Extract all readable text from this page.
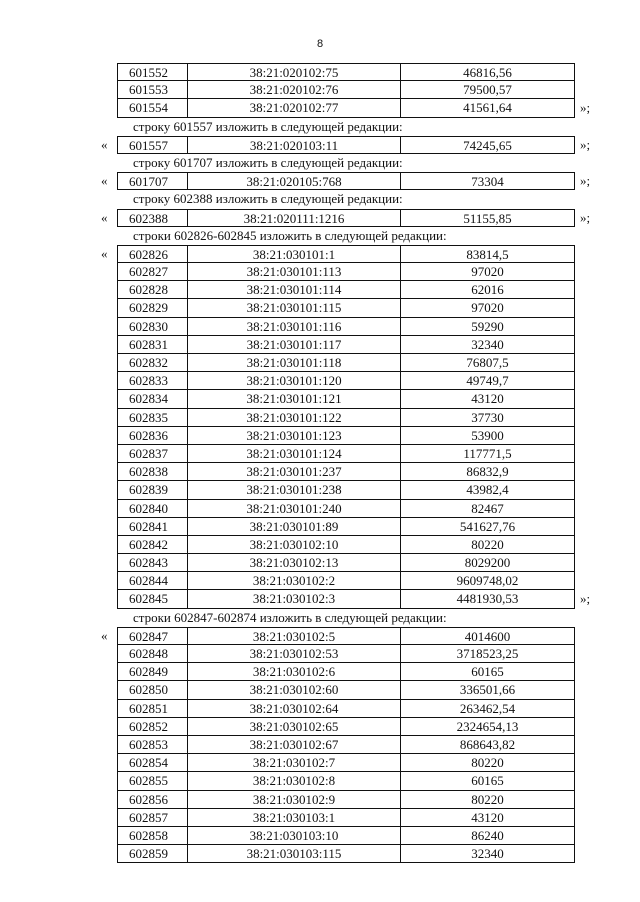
8
601552	38:21:020102:75	46816,56
601553	38:21:020102:76	79500,57
601554	38:21:020102:77	41561,64	»;
строку 601557 изложить в следующей редакции:
«	601557	38:21:020103:11	74245,65	»;
строку 601707 изложить в следующей редакции:
«	601707	38:21:020105:768	73304	»;
строку 602388 изложить в следующей редакции:
«	602388	38:21:020111:1216	51155,85	»;
строки 602826-602845 изложить в следующей редакции:
«	602826	38:21:030101:1	83814,5
602827	38:21:030101:113	97020
602828	38:21:030101:114	62016
602829	38:21:030101:115	97020
602830	38:21:030101:116	59290
602831	38:21:030101:117	32340
602832	38:21:030101:118	76807,5
602833	38:21:030101:120	49749,7
602834	38:21:030101:121	43120
602835	38:21:030101:122	37730
602836	38:21:030101:123	53900
602837	38:21:030101:124	117771,5
602838	38:21:030101:237	86832,9
602839	38:21:030101:238	43982,4
602840	38:21:030101:240	82467
602841	38:21:030101:89	541627,76
602842	38:21:030102:10	80220
602843	38:21:030102:13	8029200
602844	38:21:030102:2	9609748,02
602845	38:21:030102:3	4481930,53	»;
строки 602847-602874 изложить в следующей редакции:
«	602847	38:21:030102:5	4014600
602848	38:21:030102:53	3718523,25
602849	38:21:030102:6	60165
602850	38:21:030102:60	336501,66
602851	38:21:030102:64	263462,54
602852	38:21:030102:65	2324654,13
602853	38:21:030102:67	868643,82
602854	38:21:030102:7	80220
602855	38:21:030102:8	60165
602856	38:21:030102:9	80220
602857	38:21:030103:1	43120
602858	38:21:030103:10	86240
602859	38:21:030103:115	32340
